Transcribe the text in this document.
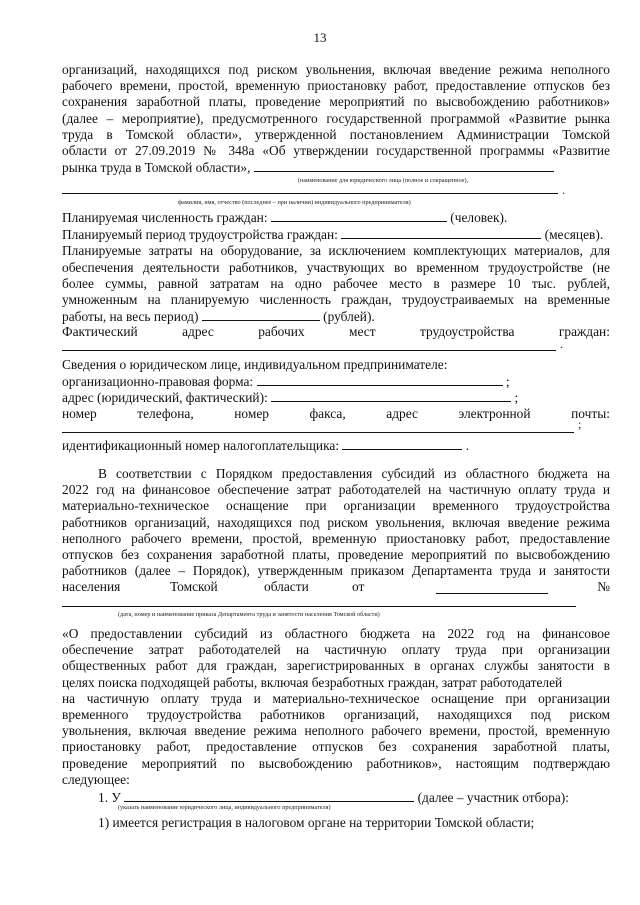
13
организаций, находящихся под риском увольнения, включая введение режима неполного
рабочего времени, простой, временную приостановку работ, предоставление отпусков без
сохранения заработной платы, проведение мероприятий по высвобождению работников»
(далее – мероприятие), предусмотренного государственной программой «Развитие рынка
труда в Томской области», утвержденной постановлением Администрации Томской
области от 27.09.2019 № 348а «Об утверждении государственной программы «Развитие
рынка труда в Томской области»,
(наименование для юридического лица (полное и сокращенное),
.
фамилия, имя, отчество (последнее – при наличии) индивидуального предпринимателя)
Планируемая численность граждан:	(человек).
Планируемый период трудоустройства граждан:	(месяцев).
Планируемые затраты на оборудование, за исключением комплектующих материалов, для
обеспечения деятельности работников, участвующих во временном трудоустройстве (не
более суммы, равной затратам на одно рабочее место в размере 10 тыс. рублей,
умноженным на планируемую численность граждан, трудоустраиваемых на временные
работы, на весь период)	(рублей).
Фактический	адрес	рабочих	мест	трудоустройства	граждан:
.
Сведения о юридическом лице, индивидуальном предпринимателе:
организационно-правовая форма:	;
адрес (юридический, фактический):	;
номер	телефона,	номер	факса,	адрес	электронной	почты:
;
идентификационный номер налогоплательщика:	.
В соответствии с Порядком предоставления субсидий из областного бюджета на
2022 год на финансовое обеспечение затрат работодателей на частичную оплату труда и
материально-техническое оснащение при организации временного трудоустройства
работников организаций, находящихся под риском увольнения, включая введение режима
неполного рабочего времени, простой, временную приостановку работ, предоставление
отпусков без сохранения заработной платы, проведение мероприятий по высвобождению
работников (далее – Порядок), утвержденным приказом Департамента труда и занятости
населения	Томской	области	от	№
(дата, номер и наименование приказа Департамента труда и занятости населения Томской области)
«О предоставлении субсидий из областного бюджета на 2022 год на финансовое
обеспечение затрат работодателей на частичную оплату труда при организации
общественных работ для граждан, зарегистрированных в органах службы занятости в
целях поиска подходящей работы, включая безработных граждан, затрат работодателей
на частичную оплату труда и материально-техническое оснащение при организации
временного трудоустройства работников организаций, находящихся под риском
увольнения, включая введение режима неполного рабочего времени, простой, временную
приостановку работ, предоставление отпусков без сохранения заработной платы,
проведение мероприятий по высвобождению работников», настоящим подтверждаю
следующее:
1. У	(далее – участник отбора):
(указать наименование юридического лица, индивидуального предпринимателя)
1) имеется регистрация в налоговом органе на территории Томской области;
